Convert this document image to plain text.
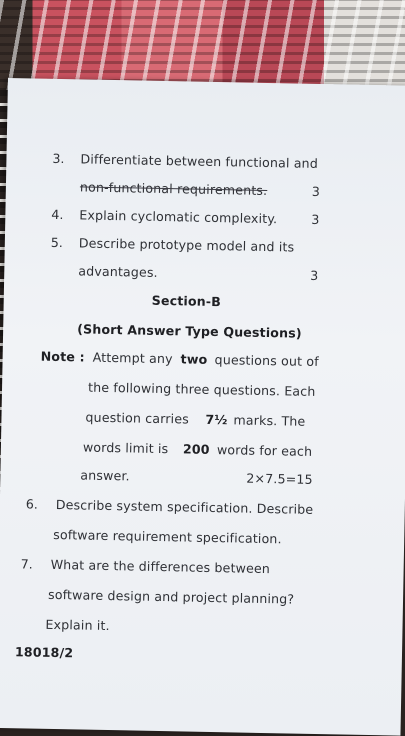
3. Differentiate between functional and
non-functional requirements.	3
4. Explain cyclomatic complexity.	3
5. Describe prototype model and its
advantages.	3
Section-B
(Short Answer Type Questions)
Note : Attempt any two questions out of
the following three questions. Each
question carries 7½ marks. The
words limit is 200 words for each
answer.	2×7.5=15
6. Describe system specification. Describe
software requirement specification.
7. What are the differences between
software design and project planning?
Explain it.
18018/2
